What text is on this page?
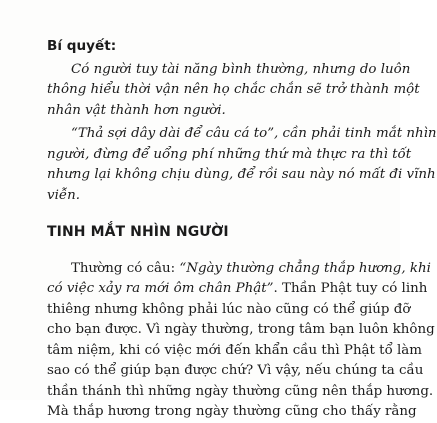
Bí quyết:
Có người tuy tài năng bình thường, nhưng do luôn
thông hiểu thời vận nên họ chắc chắn sẽ trở thành một
nhân vật thành hơn người.
“Thả sợi dây dài để câu cá to”, cần phải tinh mắt nhìn
người, đừng để uổng phí những thứ mà thực ra thì tốt
nhưng lại không chịu dùng, để rồi sau này nó mất đi vĩnh
viễn.
TINH MẮT NHÌN NGƯỜI
Thường có câu: “Ngày thường chẳng thắp hương, khi
có việc xảy ra mới ôm chân Phật”. Thần Phật tuy có linh
thiêng nhưng không phải lúc nào cũng có thể giúp đỡ
cho bạn được. Vì ngày thường, trong tâm bạn luôn không
tâm niệm, khi có việc mới đến khẩn cầu thì Phật tổ làm
sao có thể giúp bạn được chứ? Vì vậy, nếu chúng ta cầu
thần thánh thì những ngày thường cũng nên thắp hương.
Mà thắp hương trong ngày thường cũng cho thấy rằng
